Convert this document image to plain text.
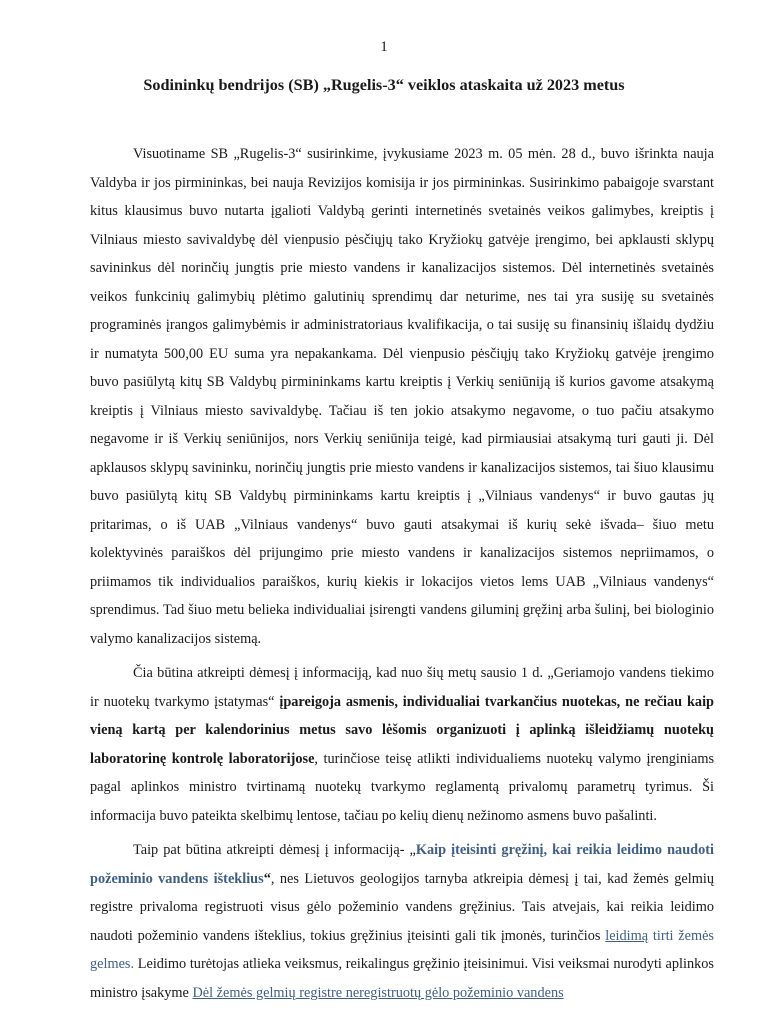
1
Sodininkų bendrijos (SB) „Rugelis-3“ veiklos ataskaita už 2023 metus

Visuotiname SB „Rugelis-3“ susirinkime, įvykusiame 2023 m. 05 mėn. 28 d., buvo išrinkta nauja Valdyba ir jos pirmininkas, bei nauja Revizijos komisija ir jos pirmininkas. Susirinkimo pabaigoje svarstant kitus klausimus buvo nutarta įgalioti Valdybą gerinti internetinės svetainės veikos galimybes, kreiptis į Vilniaus miesto savivaldybę dėl vienpusio pėsčiųjų tako Kryžiokų gatvėje įrengimo, bei apklausti sklypų savininkus dėl norinčių jungtis prie miesto vandens ir kanalizacijos sistemos. Dėl internetinės svetainės veikos funkcinių galimybių plėtimo galutinių sprendimų dar neturime, nes tai yra susiję su svetainės programinės įrangos galimybėmis ir administratoriaus kvalifikacija, o tai susiję su finansinių išlaidų dydžiu ir numatyta 500,00 EU suma yra nepakankama. Dėl vienpusio pėsčiųjų tako Kryžiokų gatvėje įrengimo buvo pasiūlytą kitų SB Valdybų pirmininkams kartu kreiptis į Verkių seniūniją iš kurios gavome atsakymą kreiptis į Vilniaus miesto savivaldybę. Tačiau iš ten jokio atsakymo negavome, o tuo pačiu atsakymo negavome ir iš Verkių seniūnijos, nors Verkių seniūnija teigė, kad pirmiausiai atsakymą turi gauti ji. Dėl apklausos sklypų savininku, norinčių jungtis prie miesto vandens ir kanalizacijos sistemos, tai šiuo klausimu buvo pasiūlytą kitų SB Valdybų pirmininkams kartu kreiptis į „Vilniaus vandenys“ ir buvo gautas jų pritarimas, o iš UAB „Vilniaus vandenys“ buvo gauti atsakymai iš kurių sekė išvada– šiuo metu kolektyvinės paraiškos dėl prijungimo prie miesto vandens ir kanalizacijos sistemos nepriimamos, o priimamos tik individualios paraiškos, kurių kiekis ir lokacijos vietos lems UAB „Vilniaus vandenys“ sprendimus. Tad šiuo metu belieka individualiai įsirengti vandens giluminį gręžinį arba šulinį, bei biologinio valymo kanalizacijos sistemą.

Čia būtina atkreipti dėmesį į informaciją, kad nuo šių metų sausio 1 d. „Geriamojo vandens tiekimo ir nuotekų tvarkymo įstatymas“ įpareigoja asmenis, individualiai tvarkančius nuotekas, ne rečiau kaip vieną kartą per kalendorinius metus savo lėšomis organizuoti į aplinką išleidžiamų nuotekų laboratorinę kontrolę laboratorijose, turinčiose teisę atlikti individualiems nuotekų valymo įrenginiams pagal aplinkos ministro tvirtinamą nuotekų tvarkymo reglamentą privalomų parametrų tyrimus. Ši informacija buvo pateikta skelbimų lentose, tačiau po kelių dienų nežinomo asmens buvo pašalinti.

Taip pat būtina atkreipti dėmesį į informaciją- „Kaip įteisinti gręžinį, kai reikia leidimo naudoti požeminio vandens išteklius“, nes Lietuvos geologijos tarnyba atkreipia dėmesį į tai, kad žemės gelmių registre privaloma registruoti visus gėlo požeminio vandens gręžinius. Tais atvejais, kai reikia leidimo naudoti požeminio vandens išteklius, tokius gręžinius įteisinti gali tik įmonės, turinčios leidimą tirti žemės gelmes. Leidimo turėtojas atlieka veiksmus, reikalingus gręžinio įteisinimui. Visi veiksmai nurodyti aplinkos ministro įsakyme Dėl žemės gelmių registre neregistruotų gėlo požeminio vandens
